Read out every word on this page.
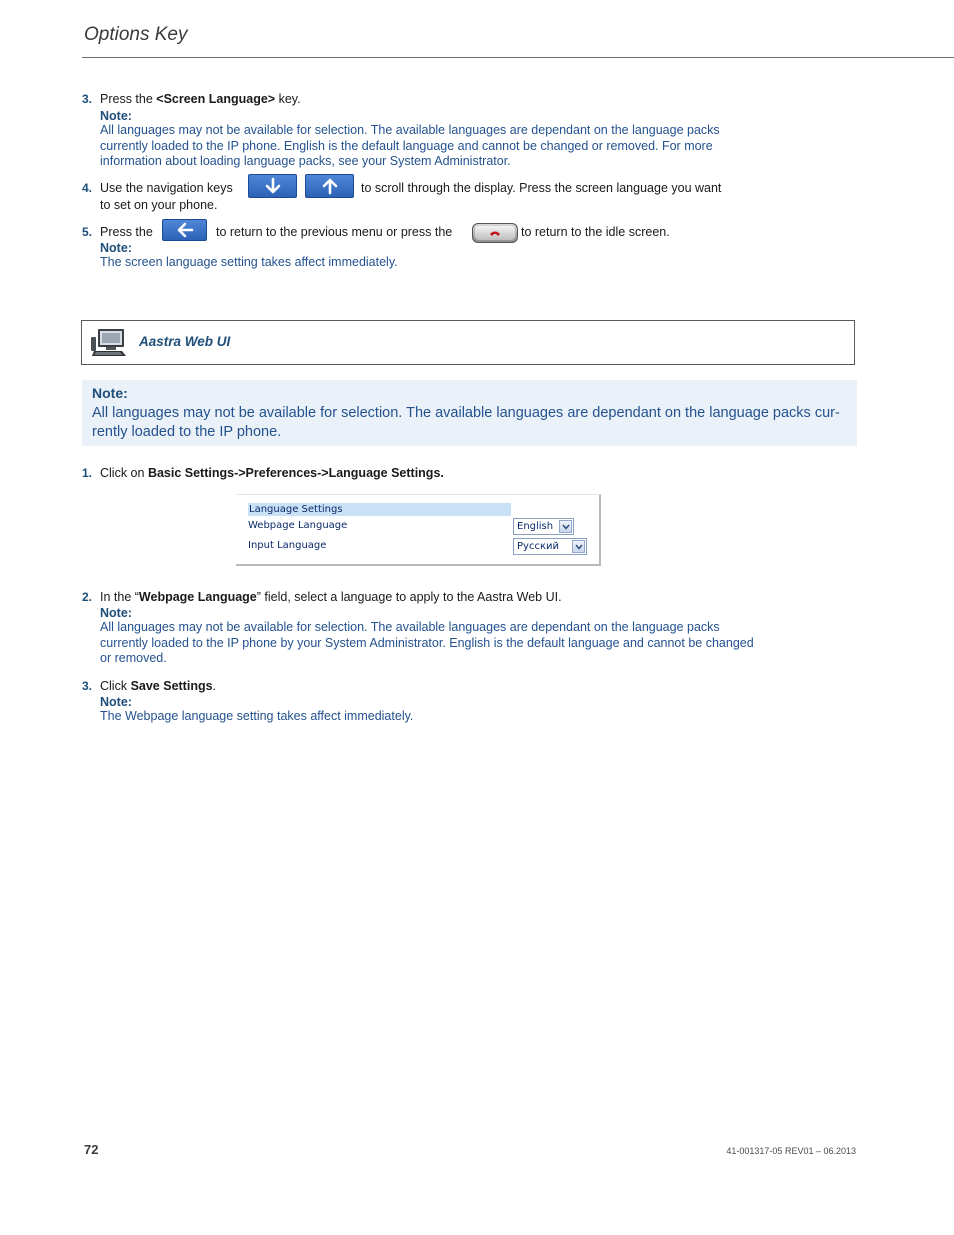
Options Key
3. Press the <Screen Language> key.
Note:
All languages may not be available for selection. The available languages are dependant on the language packs currently loaded to the IP phone. English is the default language and cannot be changed or removed. For more information about loading language packs, see your System Administrator.
4. Use the navigation keys	to scroll through the display. Press the screen language you want
to set on your phone.
5. Press the	to return to the previous menu or press the	to return to the idle screen.
Note:
The screen language setting takes affect immediately.
Aastra Web UI
Note:
All languages may not be available for selection. The available languages are dependant on the language packs cur-rently loaded to the IP phone.
1. Click on Basic Settings->Preferences->Language Settings.
Language Settings
Webpage Language	English
Input Language	Русский
2. In the “Webpage Language” field, select a language to apply to the Aastra Web UI.
Note:
All languages may not be available for selection. The available languages are dependant on the language packs currently loaded to the IP phone by your System Administrator. English is the default language and cannot be changed or removed.
3. Click Save Settings.
Note:
The Webpage language setting takes affect immediately.
72	41-001317-05 REV01 – 06.2013
